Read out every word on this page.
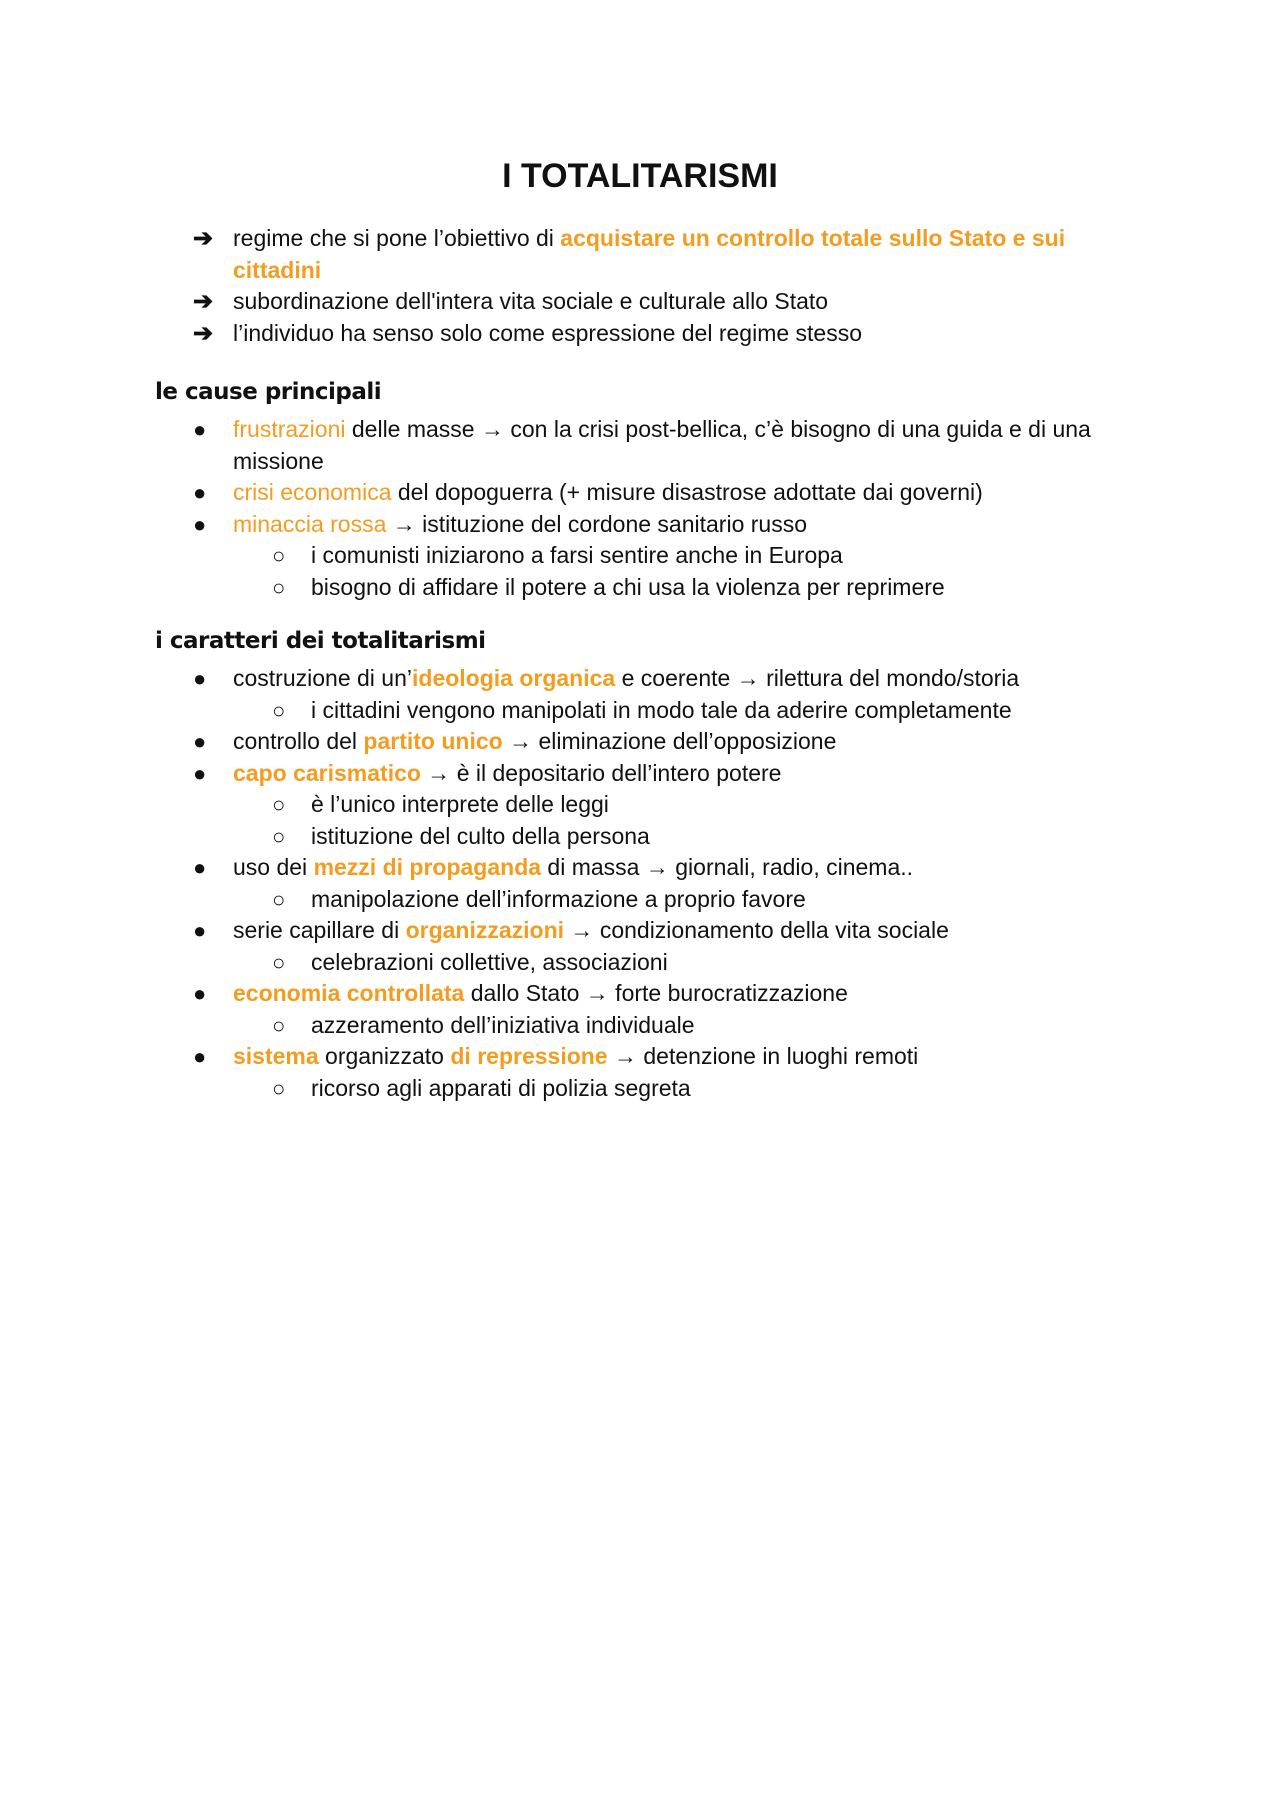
I TOTALITARISMI
➔ regime che si pone l’obiettivo di acquistare un controllo totale sullo Stato e sui cittadini
➔ subordinazione dell'intera vita sociale e culturale allo Stato
➔ l’individuo ha senso solo come espressione del regime stesso
le cause principali
● frustrazioni delle masse → con la crisi post-bellica, c’è bisogno di una guida e di una missione
● crisi economica del dopoguerra (+ misure disastrose adottate dai governi)
● minaccia rossa → istituzione del cordone sanitario russo
○ i comunisti iniziarono a farsi sentire anche in Europa
○ bisogno di affidare il potere a chi usa la violenza per reprimere
i caratteri dei totalitarismi
● costruzione di un’ideologia organica e coerente → rilettura del mondo/storia
○ i cittadini vengono manipolati in modo tale da aderire completamente
● controllo del partito unico → eliminazione dell’opposizione
● capo carismatico → è il depositario dell’intero potere
○ è l’unico interprete delle leggi
○ istituzione del culto della persona
● uso dei mezzi di propaganda di massa → giornali, radio, cinema..
○ manipolazione dell’informazione a proprio favore
● serie capillare di organizzazioni → condizionamento della vita sociale
○ celebrazioni collettive, associazioni
● economia controllata dallo Stato → forte burocratizzazione
○ azzeramento dell’iniziativa individuale
● sistema organizzato di repressione → detenzione in luoghi remoti
○ ricorso agli apparati di polizia segreta
